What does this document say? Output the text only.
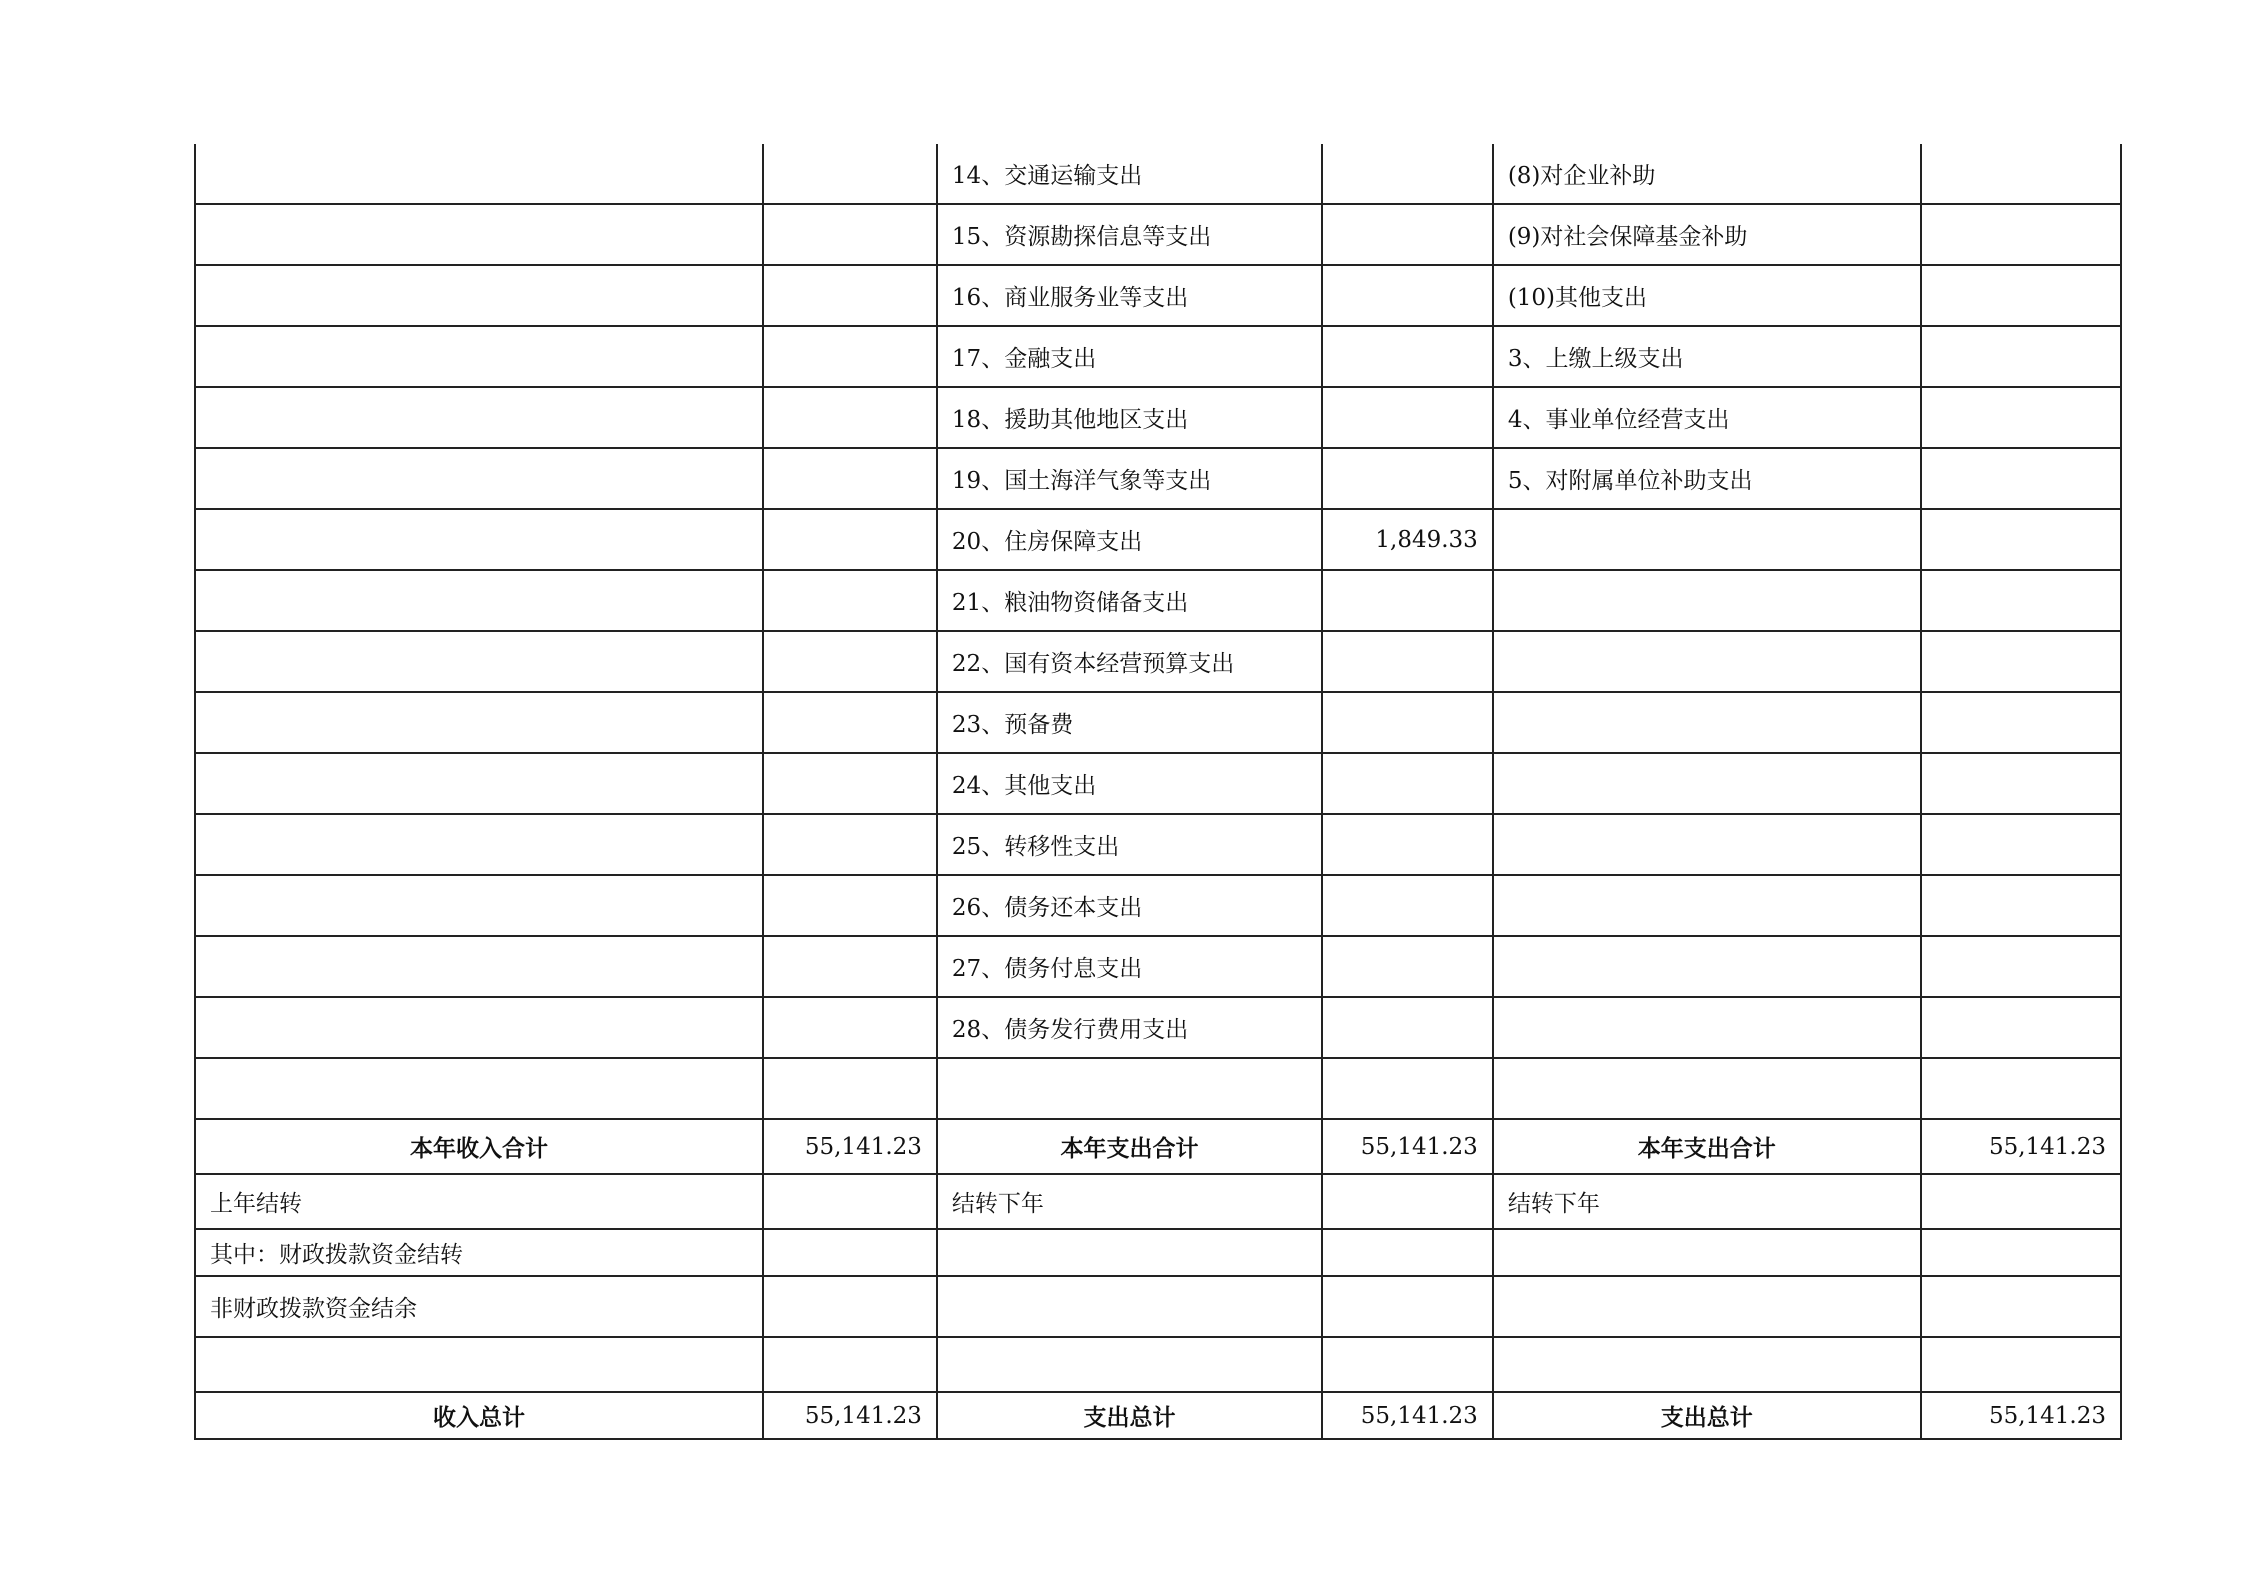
		14、交通运输支出		(8)对企业补助	
		15、资源勘探信息等支出		(9)对社会保障基金补助	
		16、商业服务业等支出		(10)其他支出	
		17、金融支出		3、上缴上级支出	
		18、援助其他地区支出		4、事业单位经营支出	
		19、国土海洋气象等支出		5、对附属单位补助支出	
		20、住房保障支出	1,849.33		
		21、粮油物资储备支出			
		22、国有资本经营预算支出			
		23、预备费			
		24、其他支出			
		25、转移性支出			
		26、债务还本支出			
		27、债务付息支出			
		28、债务发行费用支出			

本年收入合计	55,141.23	本年支出合计	55,141.23	本年支出合计	55,141.23
上年结转		结转下年		结转下年	
其中：财政拨款资金结转					
非财政拨款资金结余					

收入总计	55,141.23	支出总计	55,141.23	支出总计	55,141.23
